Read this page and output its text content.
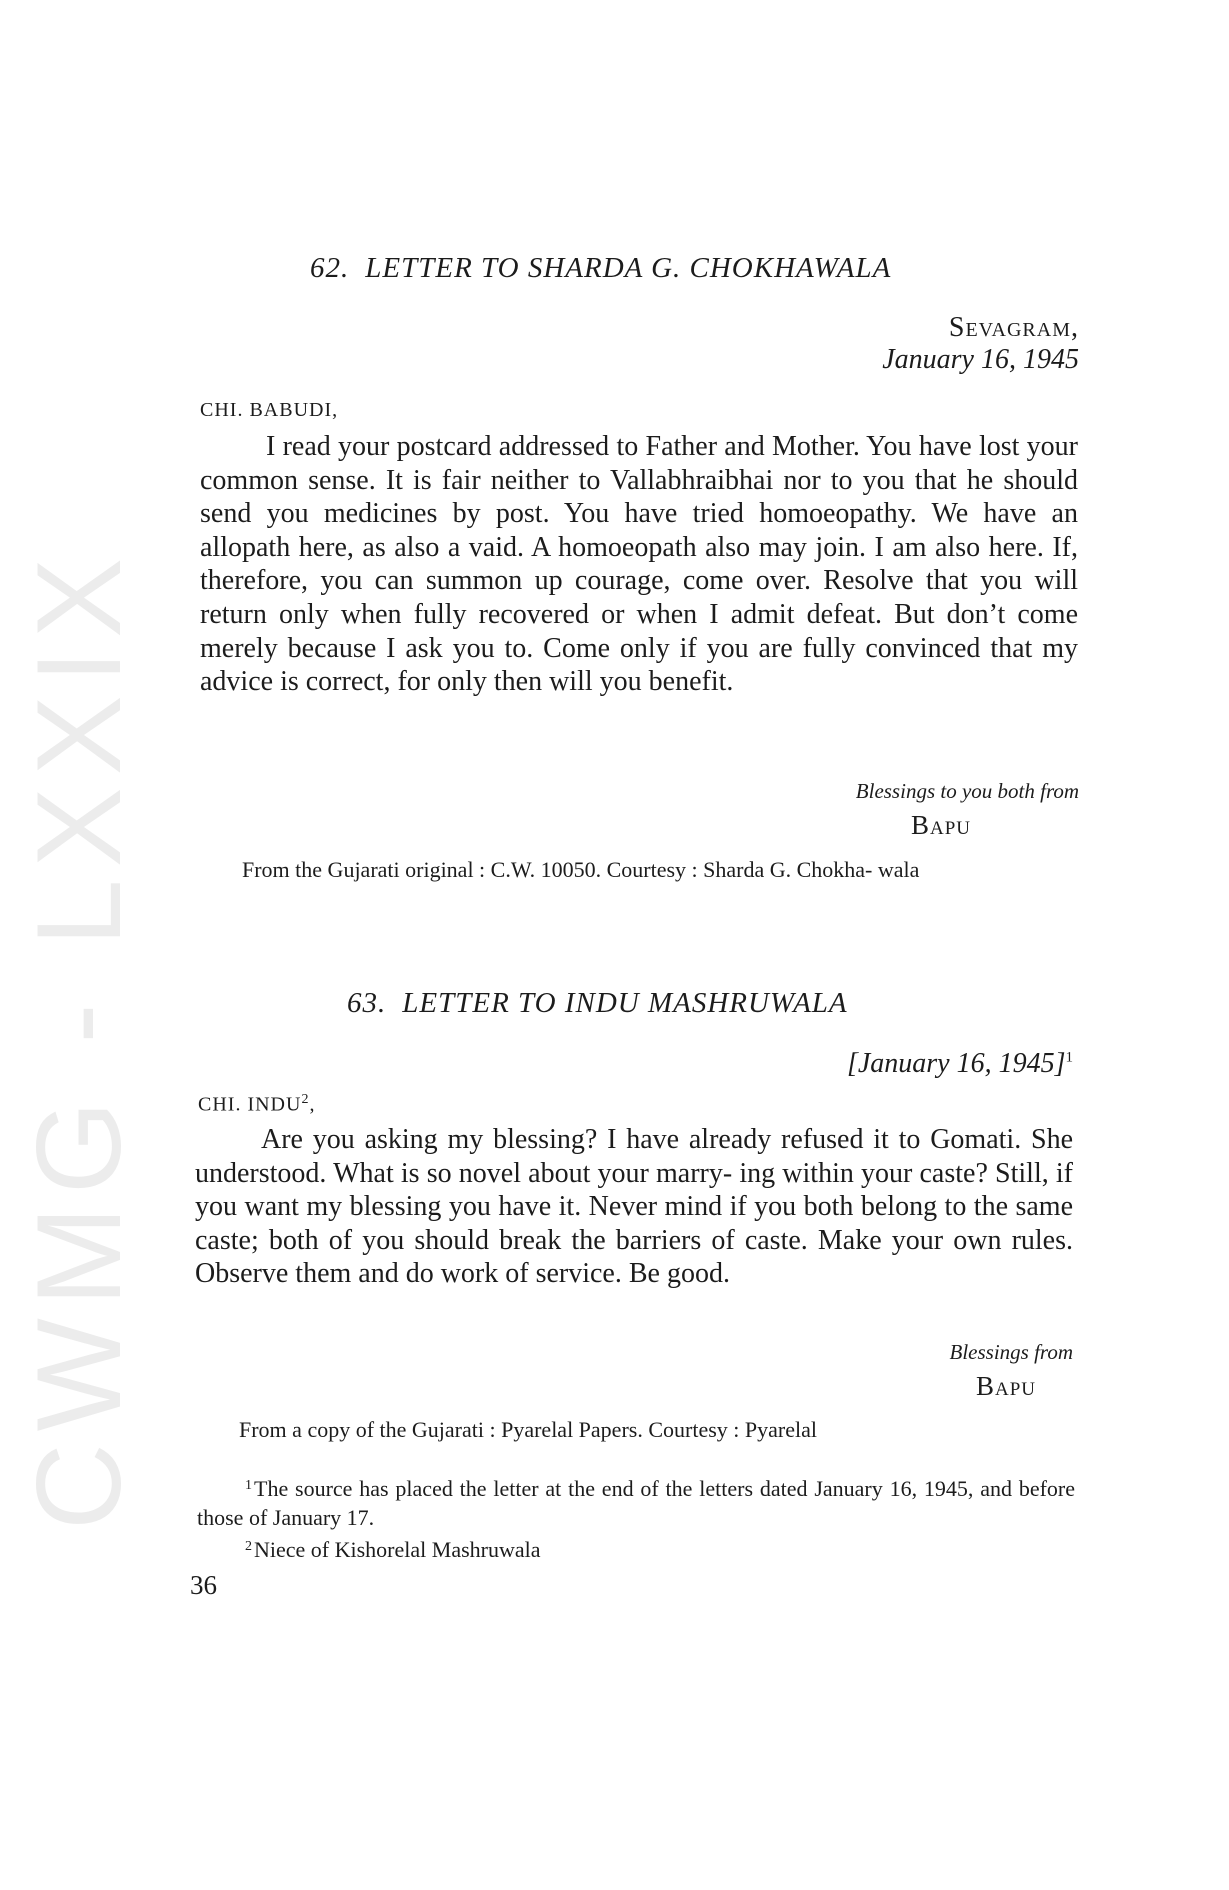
CWMG - LXXIX
62. LETTER TO SHARDA G. CHOKHAWALA
Sevagram,
January 16, 1945
CHI. BABUDI,

I read your postcard addressed to Father and Mother. You have lost your common sense. It is fair neither to Vallabhraibhai nor to you that he should send you medicines by post. You have tried homoeopathy. We have an allopath here, as also a vaid. A homoeopath also may join. I am also here. If, therefore, you can summon up courage, come over. Resolve that you will return only when fully recovered or when I admit defeat. But don’t come merely because I ask you to. Come only if you are fully convinced that my advice is correct, for only then will you benefit.

Blessings to you both from
Bapu

From the Gujarati original : C.W. 10050. Courtesy : Sharda G. Chokha- wala

63. LETTER TO INDU MASHRUWALA
[January 16, 1945]$^1$
CHI. INDU$^2$,

Are you asking my blessing? I have already refused it to Gomati. She understood. What is so novel about your marry- ing within your caste? Still, if you want my blessing you have it. Never mind if you both belong to the same caste; both of you should break the barriers of caste. Make your own rules. Observe them and do work of service. Be good.

Blessings from
Bapu

From a copy of the Gujarati : Pyarelal Papers. Courtesy : Pyarelal

$^1$The source has placed the letter at the end of the letters dated January 16, 1945, and before those of January 17.

$^2$Niece of Kishorelal Mashruwala

36
